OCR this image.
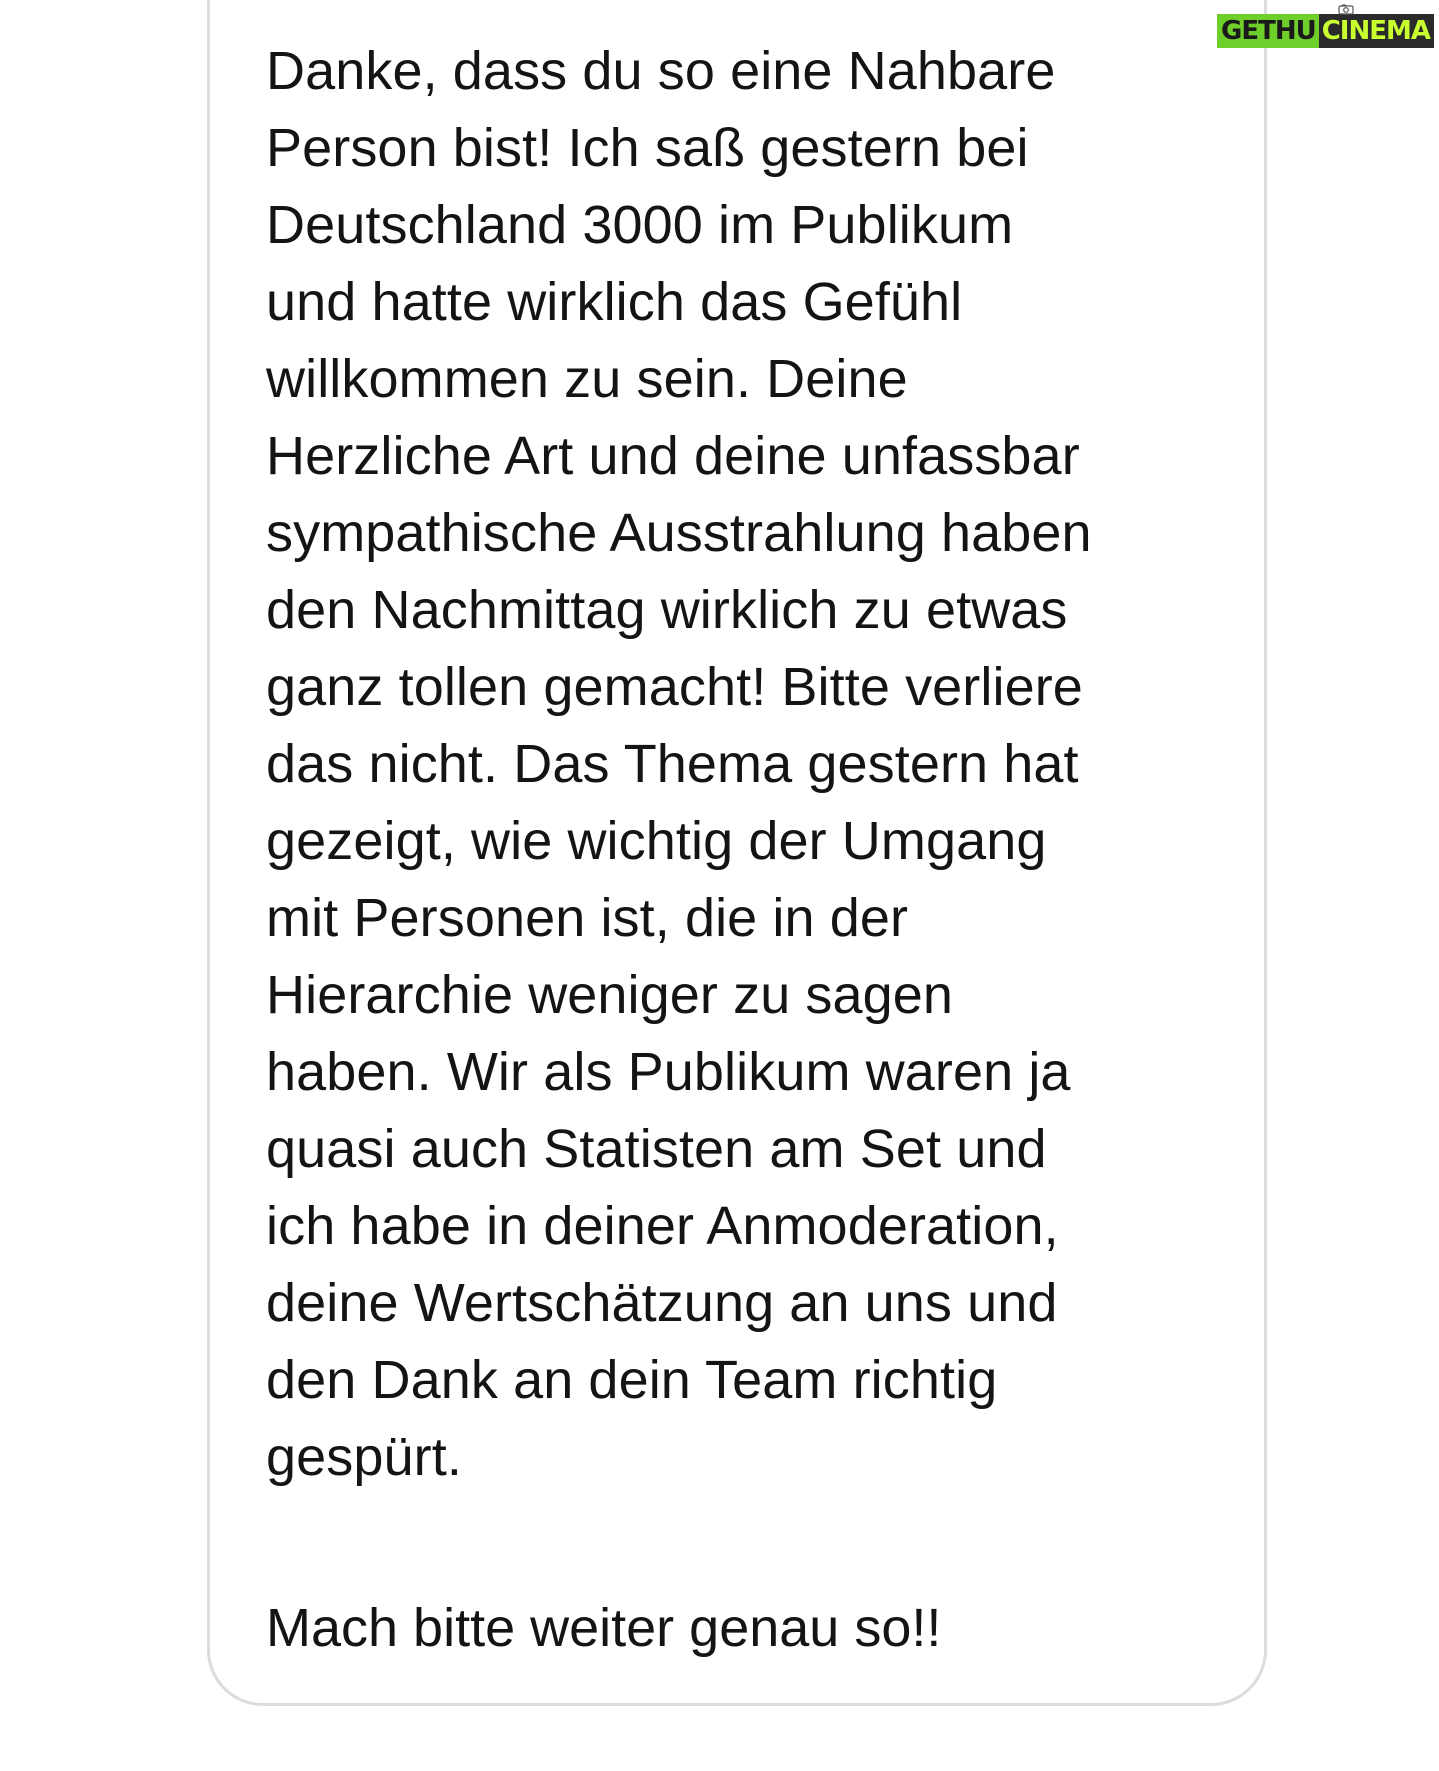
Danke, dass du so eine Nahbare
Person bist! Ich saß gestern bei
Deutschland 3000 im Publikum
und hatte wirklich das Gefühl
willkommen zu sein. Deine
Herzliche Art und deine unfassbar
sympathische Ausstrahlung haben
den Nachmittag wirklich zu etwas
ganz tollen gemacht! Bitte verliere
das nicht. Das Thema gestern hat
gezeigt, wie wichtig der Umgang
mit Personen ist, die in der
Hierarchie weniger zu sagen
haben. Wir als Publikum waren ja
quasi auch Statisten am Set und
ich habe in deiner Anmoderation,
deine Wertschätzung an uns und
den Dank an dein Team richtig
gespürt.

Mach bitte weiter genau so!!

GETHU CINEMA
